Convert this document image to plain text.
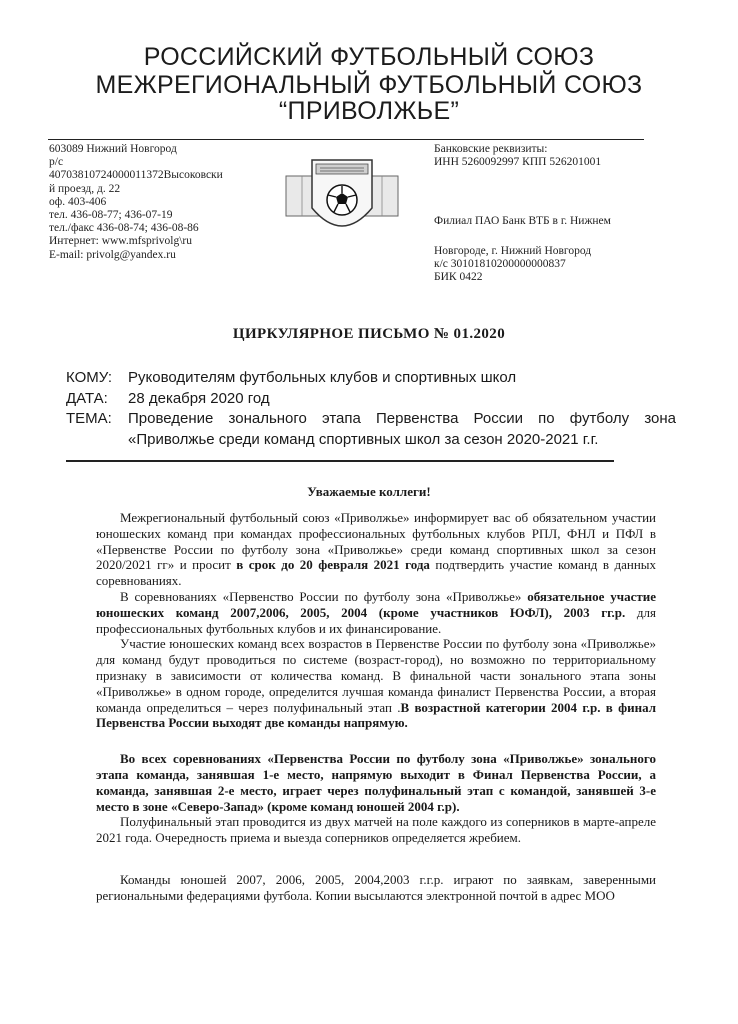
РОССИЙСКИЙ ФУТБОЛЬНЫЙ СОЮЗ
МЕЖРЕГИОНАЛЬНЫЙ ФУТБОЛЬНЫЙ СОЮЗ
“ПРИВОЛЖЬЕ”
603089 Нижний Новгород
р/с
40703810724000011372Высоковски
й проезд, д. 22
оф. 403-406
тел. 436-08-77; 436-07-19
тел./факс 436-08-74; 436-08-86
Интернет: www.mfsprivolg\ru
E-mail: privolg@yandex.ru
Банковские реквизиты:
ИНН 5260092997 КПП 526201001
Филиал ПАО Банк ВТБ в г. Нижнем
Новгороде, г. Нижний Новгород
к/с 30101810200000000837
БИК 0422
ЦИРКУЛЯРНОЕ ПИСЬМО № 01.2020
КОМУ:	Руководителям футбольных клубов и спортивных школ
ДАТА:	28 декабря 2020 год
ТЕМА:	Проведение зонального этапа Первенства России по футболу зона
«Приволжье среди команд спортивных школ за сезон 2020-2021 г.г.
Уважаемые коллеги!

Межрегиональный футбольный союз «Приволжье» информирует вас об обязательном участии юношеских команд при командах профессиональных футбольных клубов РПЛ, ФНЛ и ПФЛ в «Первенстве России по футболу зона «Приволжье» среди команд спортивных школ за сезон 2020/2021 гг» и просит в срок до 20 февраля 2021 года подтвердить участие команд в данных соревнованиях.

В соревнованиях «Первенство России по футболу зона «Приволжье» обязательное участие юношеских команд 2007,2006, 2005, 2004 (кроме участников ЮФЛ), 2003 гг.р. для профессиональных футбольных клубов и их финансирование.

Участие юношеских команд всех возрастов в Первенстве России по футболу зона «Приволжье» для команд будут проводиться по системе (возраст-город), но возможно по территориальному признаку в зависимости от количества команд. В финальной части зонального этапа зоны «Приволжье» в одном городе, определится лучшая команда финалист Первенства России, а вторая команда определиться – через полуфинальный этап .В возрастной категории 2004 г.р. в финал Первенства России выходят две команды напрямую.

Во всех соревнованиях «Первенства России по футболу зона «Приволжье» зонального этапа команда, занявшая 1-е место, напрямую выходит в Финал Первенства России, а команда, занявшая 2-е место, играет через полуфинальный этап с командой, занявшей 3-е место в зоне «Северо-Запад» (кроме команд юношей 2004 г.р).

Полуфинальный этап проводится из двух матчей на поле каждого из соперников в марте-апреле 2021 года. Очередность приема и выезда соперников определяется жребием.

Команды юношей 2007, 2006, 2005, 2004,2003 г.г.р. играют по заявкам, заверенными региональными федерациями футбола. Копии высылаются электронной почтой в адрес МОО
